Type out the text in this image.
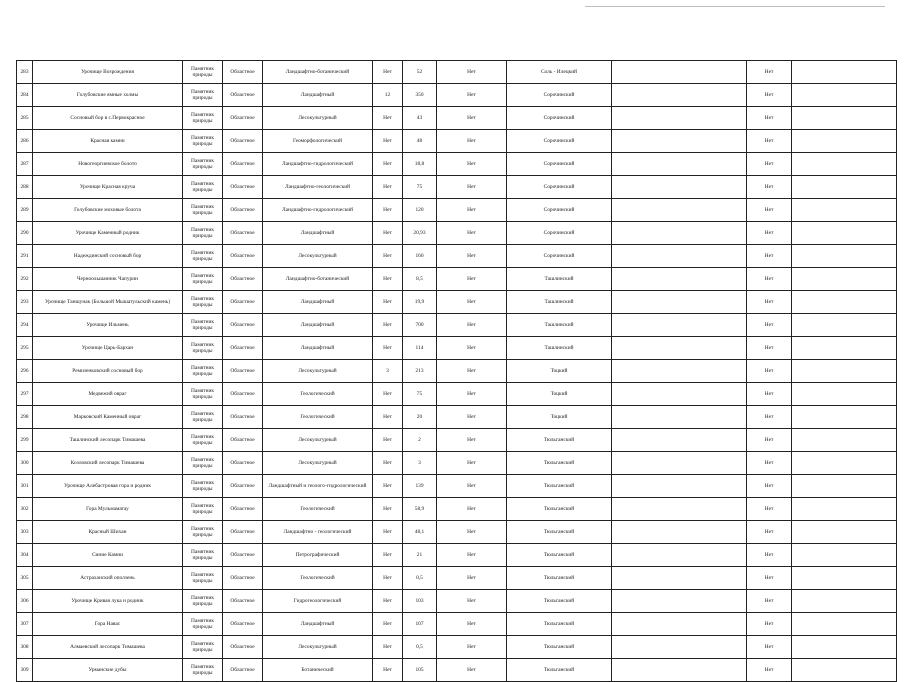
283	Урочище Возрождения	Памятник природы	Областное	Ландшафтно-ботанический	Нет	52	Нет	Соль - Илецкий		Нет	
284	Голубовские ямные холмы	Памятник природы	Областное	Ландшафтный	12	350	Нет	Сорочинский		Нет	
285	Сосновый бор в с.Первокрасное	Памятник природы	Областное	Лесокультурный	Нет	43	Нет	Сорочинский		Нет	
286	Красная камни	Памятник природы	Областное	Геоморфологический	Нет	48	Нет	Сорочинский		Нет	
287	Новогеоргиевское болото	Памятник природы	Областное	Ландшафтно-гидрологический	Нет	18,8	Нет	Сорочинский		Нет	
288	Урочище Красная круча	Памятник природы	Областное	Ландшафтно-геологический	Нет	75	Нет	Сорочинский		Нет	
289	Голубовские моховые болота	Памятник природы	Областное	Ландшафтно-гидрологический	Нет	120	Нет	Сорочинский		Нет	
290	Урочище Каменный родник	Памятник природы	Областное	Ландшафтный	Нет	20,93	Нет	Сорочинский		Нет	
291	Надеждинский сосновый бор	Памятник природы	Областное	Лесокультурный	Нет	160	Нет	Сорочинский		Нет	
292	Черноольшанник Чапурин	Памятник природы	Областное	Ландшафтно-ботанический	Нет	8,5	Нет	Ташлинский		Нет	
293	Урочище Таншунак (Большой Мышатульский камень)	Памятник природы	Областное	Ландшафтный	Нет	19,9	Нет	Ташлинский		Нет	
294	Урочище Ильмень	Памятник природы	Областное	Ландшафтный	Нет	700	Нет	Ташлинский		Нет	
295	Урочище Царь-Бархан	Памятник природы	Областное	Ландшафтный	Нет	114	Нет	Ташлинский		Нет	
296	Ремизенковский сосновый бор	Памятник природы	Областное	Лесокультурный	3	213	Нет	Тоцкий		Нет	
297	Медвежий овраг	Памятник природы	Областное	Геологический	Нет	75	Нет	Тоцкий		Нет	
298	Марковский Каменный овраг	Памятник природы	Областное	Геологический	Нет	20	Нет	Тоцкий		Нет	
299	Ташлинский лесопарк Тимашева	Памятник природы	Областное	Лесокультурный	Нет	2	Нет	Тюльганский		Нет	
300	Козловский лесопарк Тимашева	Памятник природы	Областное	Лесокультурный	Нет	3	Нет	Тюльганский		Нет	
301	Урочище Алебастровая гора и родник	Памятник природы	Областное	Ландшафтный и геолого-гидрологический	Нет	139	Нет	Тюльганский		Нет	
302	Гора Мульмаматау	Памятник природы	Областное	Геологический	Нет	58,9	Нет	Тюльганский		Нет	
303	Красный Шихан	Памятник природы	Областное	Ландшафтно - геологический	Нет	48,1	Нет	Тюльганский		Нет	
304	Синие Камни	Памятник природы	Областное	Петрографический	Нет	21	Нет	Тюльганский		Нет	
305	Астраханский оползень	Памятник природы	Областное	Геологический	Нет	0,5	Нет	Тюльганский		Нет	
306	Урочище Кривая лука и родник	Памятник природы	Областное	Гидрогеологический	Нет	103	Нет	Тюльганский		Нет	
307	Гора Навас	Памятник природы	Областное	Ландшафтный	Нет	107	Нет	Тюльганский		Нет	
308	Алмаевский лесопарк Тимашева	Памятник природы	Областное	Лесокультурный	Нет	0,5	Нет	Тюльганский		Нет	
309	Урманские дубы	Памятник природы	Областное	Ботанический	Нет	105	Нет	Тюльганский		Нет	
